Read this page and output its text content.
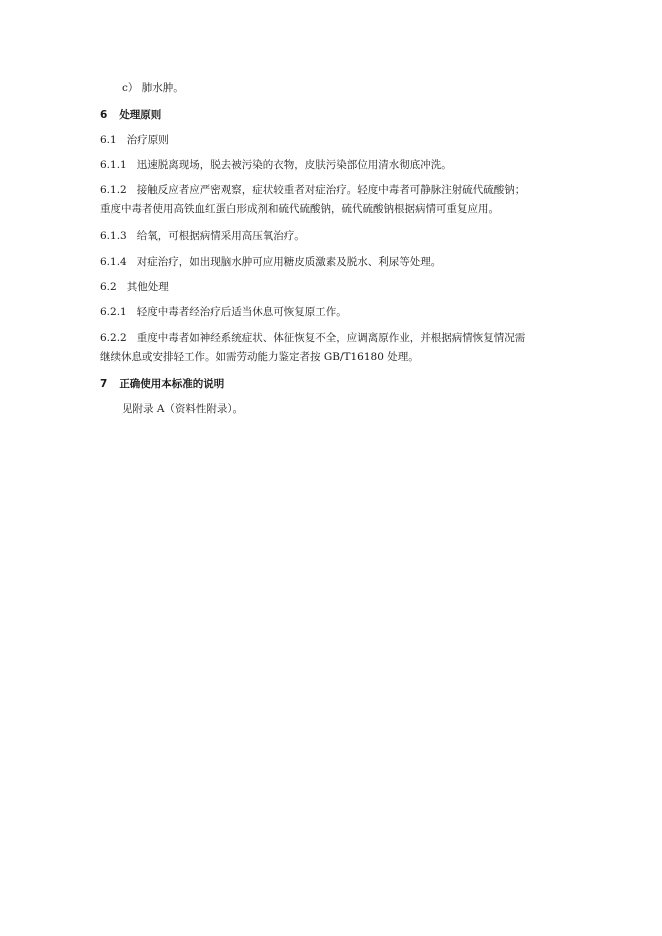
c） 肺水肿。
6 处理原则
6.1 治疗原则
6.1.1 迅速脱离现场，脱去被污染的衣物，皮肤污染部位用清水彻底冲洗。
6.1.2 接触反应者应严密观察，症状较重者对症治疗。轻度中毒者可静脉注射硫代硫酸钠；
重度中毒者使用高铁血红蛋白形成剂和硫代硫酸钠，硫代硫酸钠根据病情可重复应用。
6.1.3 给氧，可根据病情采用高压氧治疗。
6.1.4 对症治疗，如出现脑水肿可应用糖皮质激素及脱水、利尿等处理。
6.2 其他处理
6.2.1 轻度中毒者经治疗后适当休息可恢复原工作。
6.2.2 重度中毒者如神经系统症状、体征恢复不全，应调离原作业，并根据病情恢复情况需
继续休息或安排轻工作。如需劳动能力鉴定者按 GB/T16180 处理。
7 正确使用本标准的说明
见附录 A（资料性附录）。
